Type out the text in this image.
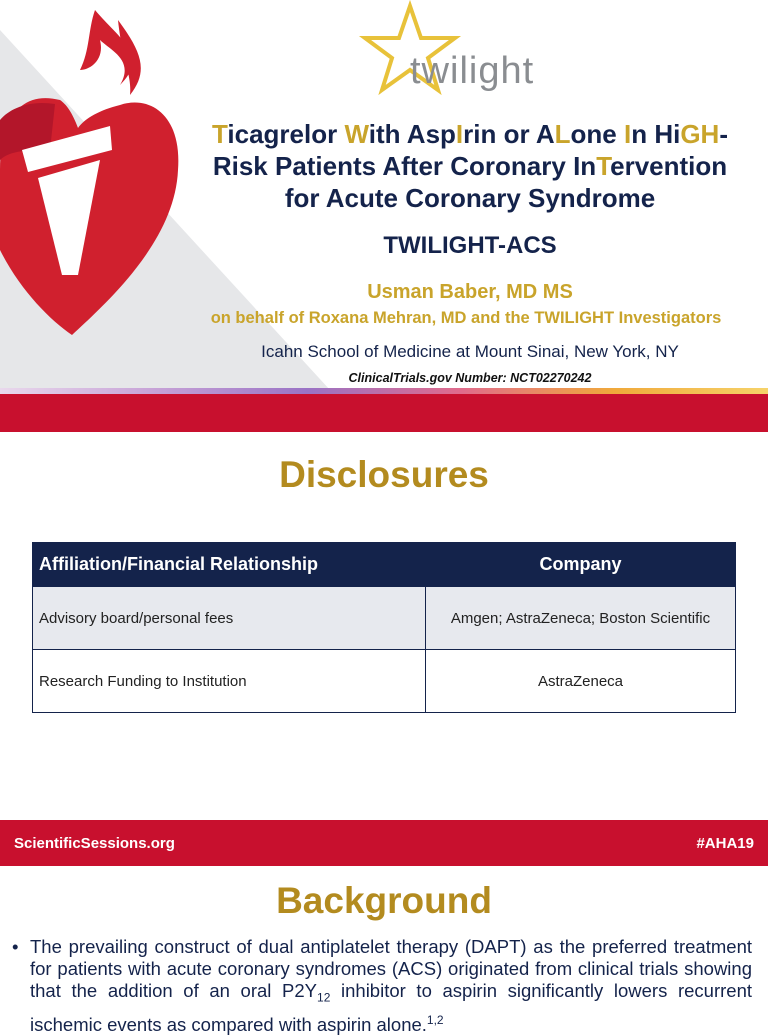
twilight
Ticagrelor With AspIrin or ALone In HiGH-
Risk Patients After Coronary InTervention
for Acute Coronary Syndrome
TWILIGHT-ACS
Usman Baber, MD MS
on behalf of Roxana Mehran, MD and the TWILIGHT Investigators
Icahn School of Medicine at Mount Sinai, New York, NY
ClinicalTrials.gov Number: NCT02270242
Disclosures
Affiliation/Financial Relationship	Company
Advisory board/personal fees	Amgen; AstraZeneca; Boston Scientific
Research Funding to Institution	AstraZeneca
ScientificSessions.org	#AHA19
Background
• The prevailing construct of dual antiplatelet therapy (DAPT) as the preferred treatment for patients with acute coronary syndromes (ACS) originated from clinical trials showing that the addition of an oral $P2Y_{12}$ inhibitor to aspirin significantly lowers recurrent ischemic events as compared with aspirin alone.$^{1,2}$
